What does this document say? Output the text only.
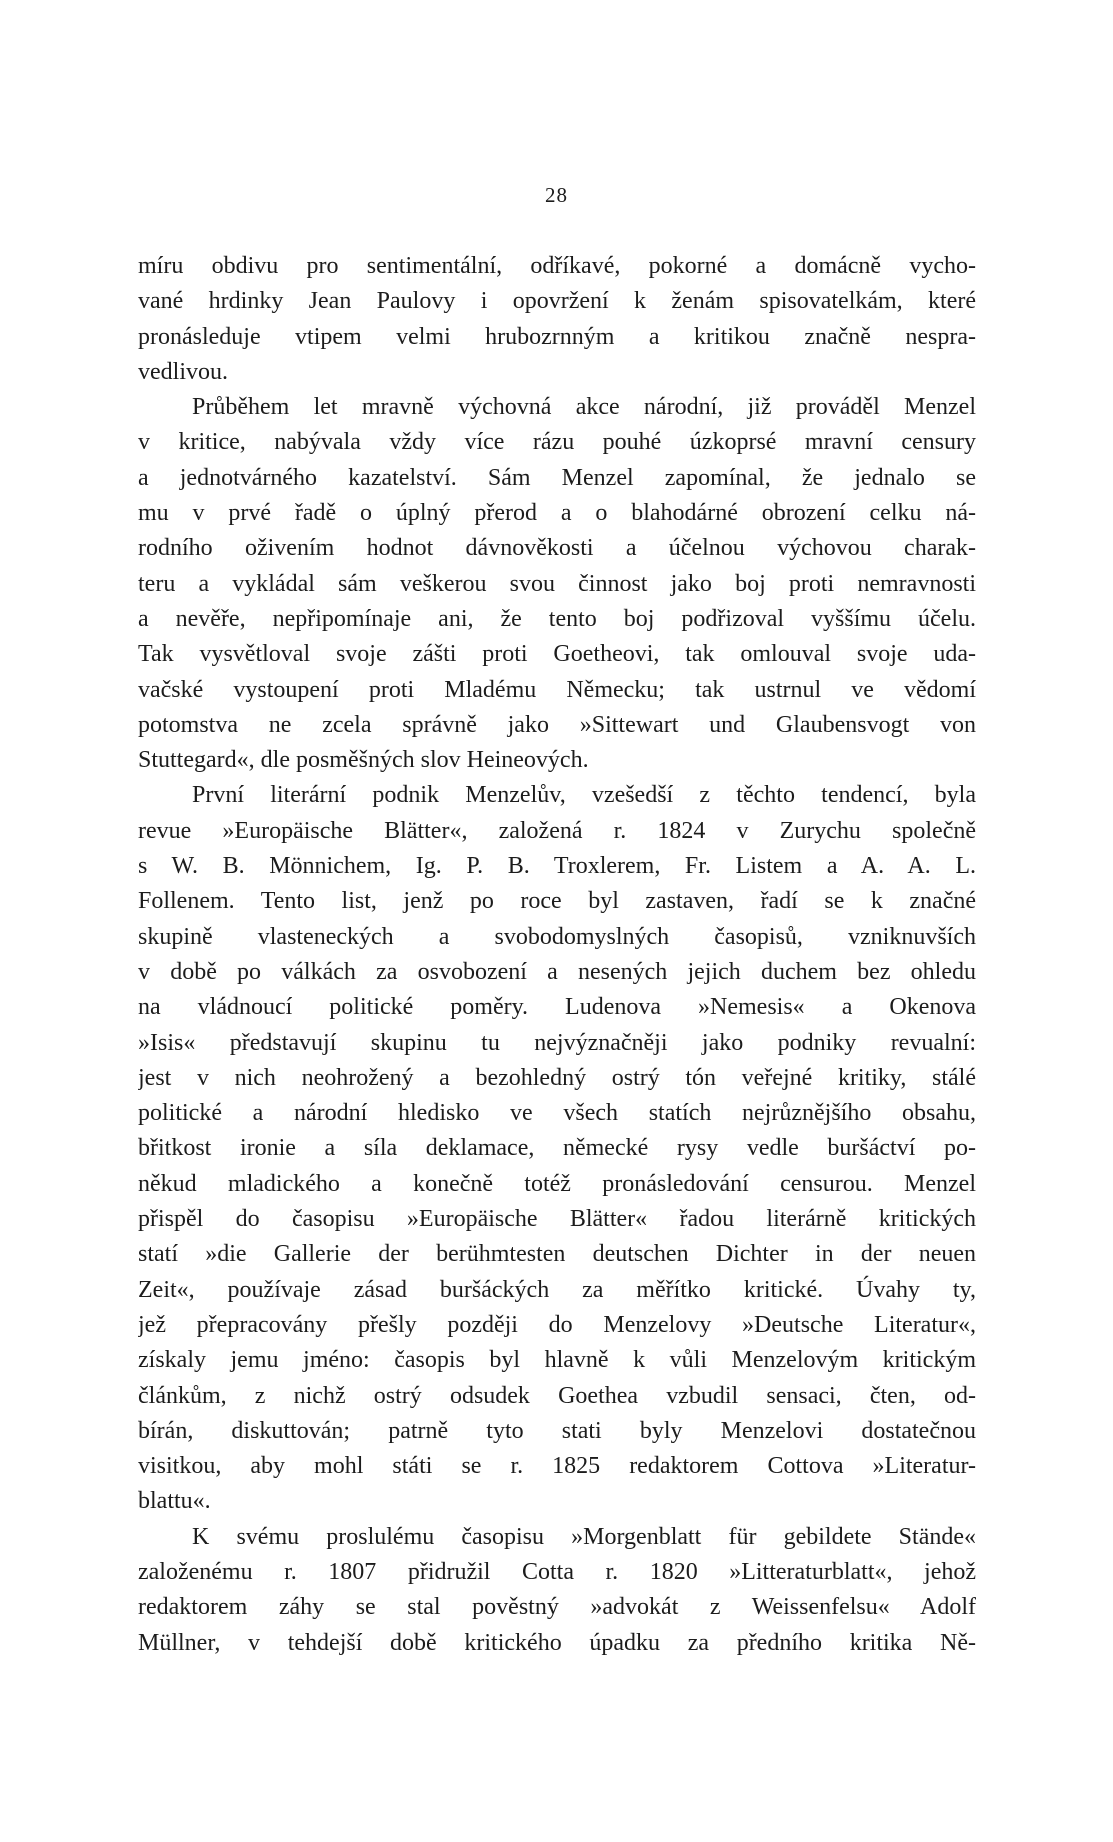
28
míru obdivu pro sentimentální, odříkavé, pokorné a domácně vycho-
vané hrdinky Jean Paulovy i opovržení k ženám spisovatelkám, které
pronásleduje vtipem velmi hrubozrnným a kritikou značně nespra-
vedlivou.
Průběhem let mravně výchovná akce národní, již prováděl Menzel
v kritice, nabývala vždy více rázu pouhé úzkoprsé mravní censury
a jednotvárného kazatelství. Sám Menzel zapomínal, že jednalo se
mu v prvé řadě o úplný přerod a o blahodárné obrození celku ná-
rodního oživením hodnot dávnověkosti a účelnou výchovou charak-
teru a vykládal sám veškerou svou činnost jako boj proti nemravnosti
a nevěře, nepřipomínaje ani, že tento boj podřizoval vyššímu účelu.
Tak vysvětloval svoje zášti proti Goetheovi, tak omlouval svoje uda-
vačské vystoupení proti Mladému Německu; tak ustrnul ve vědomí
potomstva ne zcela správně jako »Sittewart und Glaubensvogt von
Stuttegard«, dle posměšných slov Heineových.
První literární podnik Menzelův, vzešedší z těchto tendencí, byla
revue »Europäische Blätter«, založená r. 1824 v Zurychu společně
s W. B. Mönnichem, Ig. P. B. Troxlerem, Fr. Listem a A. A. L.
Follenem. Tento list, jenž po roce byl zastaven, řadí se k značné
skupině vlasteneckých a svobodomyslných časopisů, vzniknuvších
v době po válkách za osvobození a nesených jejich duchem bez ohledu
na vládnoucí politické poměry. Ludenova »Nemesis« a Okenova
»Isis« představují skupinu tu nejvýznačněji jako podniky revualní:
jest v nich neohrožený a bezohledný ostrý tón veřejné kritiky, stálé
politické a národní hledisko ve všech statích nejrůznějšího obsahu,
břitkost ironie a síla deklamace, německé rysy vedle buršáctví po-
někud mladického a konečně totéž pronásledování censurou. Menzel
přispěl do časopisu »Europäische Blätter« řadou literárně kritických
statí »die Gallerie der berühmtesten deutschen Dichter in der neuen
Zeit«, používaje zásad buršáckých za měřítko kritické. Úvahy ty,
jež přepracovány přešly později do Menzelovy »Deutsche Literatur«,
získaly jemu jméno: časopis byl hlavně k vůli Menzelovým kritickým
článkům, z nichž ostrý odsudek Goethea vzbudil sensaci, čten, od-
bírán, diskuttován; patrně tyto stati byly Menzelovi dostatečnou
visitkou, aby mohl státi se r. 1825 redaktorem Cottova »Literatur-
blattu«.
K svému proslulému časopisu »Morgenblatt für gebildete Stände«
založenému r. 1807 přidružil Cotta r. 1820 »Litteraturblatt«, jehož
redaktorem záhy se stal pověstný »advokát z Weissenfelsu« Adolf
Müllner, v tehdejší době kritického úpadku za předního kritika Ně-
